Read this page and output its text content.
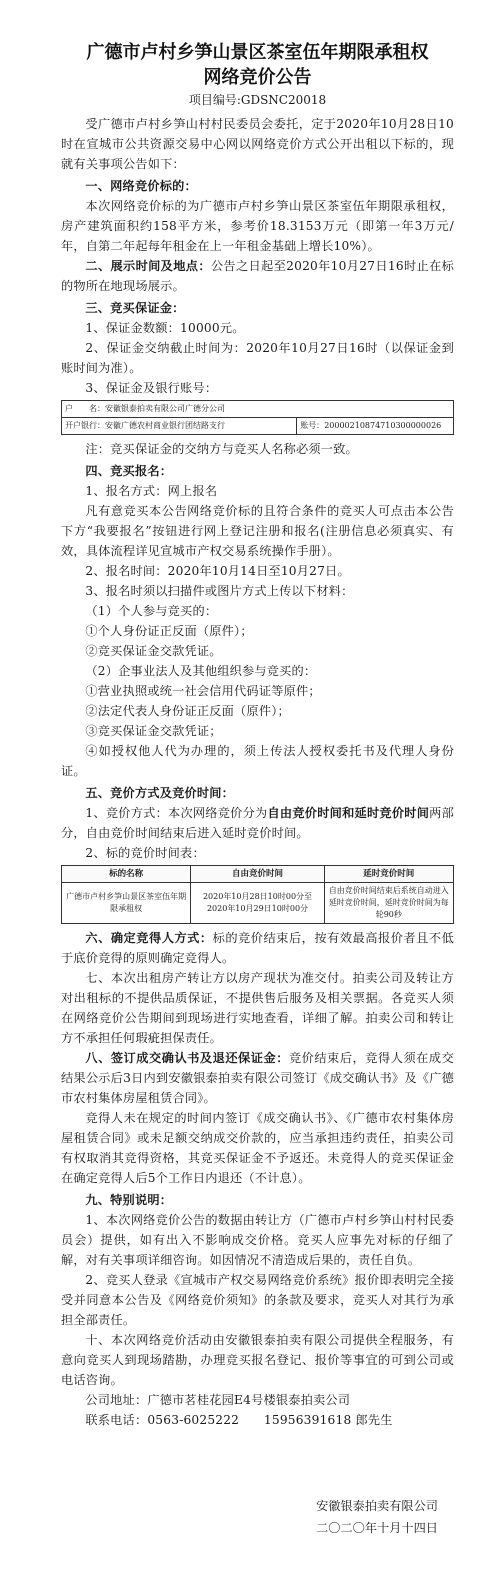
广德市卢村乡笋山景区茶室伍年期限承租权
网络竞价公告
项目编号:GDSNC20018

受广德市卢村乡笋山村村民委员会委托，定于2020年10月28日10时在宣城市公共资源交易中心网以网络竞价方式公开出租以下标的，现就有关事项公告如下：

一、网络竞价标的：

本次网络竞价标的为广德市卢村乡笋山景区茶室伍年期限承租权，房产建筑面积约158平方米，参考价18.3153万元（即第一年3万元/年，自第二年起每年租金在上一年租金基础上增长10%）。

二、展示时间及地点：公告之日起至2020年10月27日16时止在标的物所在地现场展示。

三、竞买保证金：

1、保证金数额：10000元。

2、保证金交纳截止时间为：2020年10月27日16时（以保证金到账时间为准）。

3、保证金及银行账号：

户　　名：安徽银泰拍卖有限公司广德分公司
开户银行：安徽广德农村商业银行团结路支行	账号：20000210874710300000026

注：竞买保证金的交纳方与竞买人名称必须一致。

四、竞买报名：

1、报名方式：网上报名

凡有意竞买本公告网络竞价标的且符合条件的竞买人可点击本公告下方“我要报名”按钮进行网上登记注册和报名(注册信息必须真实、有效，具体流程详见宣城市产权交易系统操作手册）。

2、报名时间：2020年10月14日至10月27日。

3、报名时须以扫描件或图片方式上传以下材料：

（1）个人参与竞买的：

①个人身份证正反面（原件）；

②竞买保证金交款凭证。

（2）企事业法人及其他组织参与竞买的：

①营业执照或统一社会信用代码证等原件；

②法定代表人身份证正反面（原件）；

③竞买保证金交款凭证；

④如授权他人代为办理的，须上传法人授权委托书及代理人身份证。

五、竞价方式及竞价时间：

1、竞价方式：本次网络竞价分为自由竞价时间和延时竞价时间两部分，自由竞价时间结束后进入延时竞价时间。

2、标的竞价时间表：

标的名称	自由竞价时间	延时竞价时间
广德市卢村乡笋山景区茶室伍年期限承租权	2020年10月28日10时00分至2020年10月29日10时00分	自由竞价时间结束后系统自动进入延时竞价时间，延时竞价时间为每轮90秒

六、确定竞得人方式：标的竞价结束后，按有效最高报价者且不低于底价竞得的原则确定竞得人。

七、本次出租房产转让方以房产现状为准交付。拍卖公司及转让方对出租标的不提供品质保证，不提供售后服务及相关票据。各竞买人须在网络竞价公告期间到现场进行实地查看，详细了解。拍卖公司和转让方不承担任何瑕疵担保责任。

八、签订成交确认书及退还保证金：竞价结束后，竞得人须在成交结果公示后3日内到安徽银泰拍卖有限公司签订《成交确认书》及《广德市农村集体房屋租赁合同》。

竞得人未在规定的时间内签订《成交确认书》、《广德市农村集体房屋租赁合同》或未足额交纳成交价款的，应当承担违约责任，拍卖公司有权取消其竞得资格，其竞买保证金不予返还。未竞得人的竞买保证金在确定竞得人后5个工作日内退还（不计息）。

九、特别说明：

1、本次网络竞价公告的数据由转让方（广德市卢村乡笋山村村民委员会）提供，如有出入不影响成交价格。竞买人应事先对标的仔细了解，对有关事项详细咨询。如因情况不清造成后果的，责任自负。

2、竞买人登录《宣城市产权交易网络竞价系统》报价即表明完全接受并同意本公告及《网络竞价须知》的条款及要求，竞买人对其行为承担全部责任。

十、本次网络竞价活动由安徽银泰拍卖有限公司提供全程服务，有意向竞买人到现场踏勘，办理竞买报名登记、报价等事宜的可到公司或电话咨询。

公司地址：广德市茗桂花园E4号楼银泰拍卖公司

联系电话：0563-6025222　　15956391618 郎先生

安徽银泰拍卖有限公司
二〇二〇年十月十四日
